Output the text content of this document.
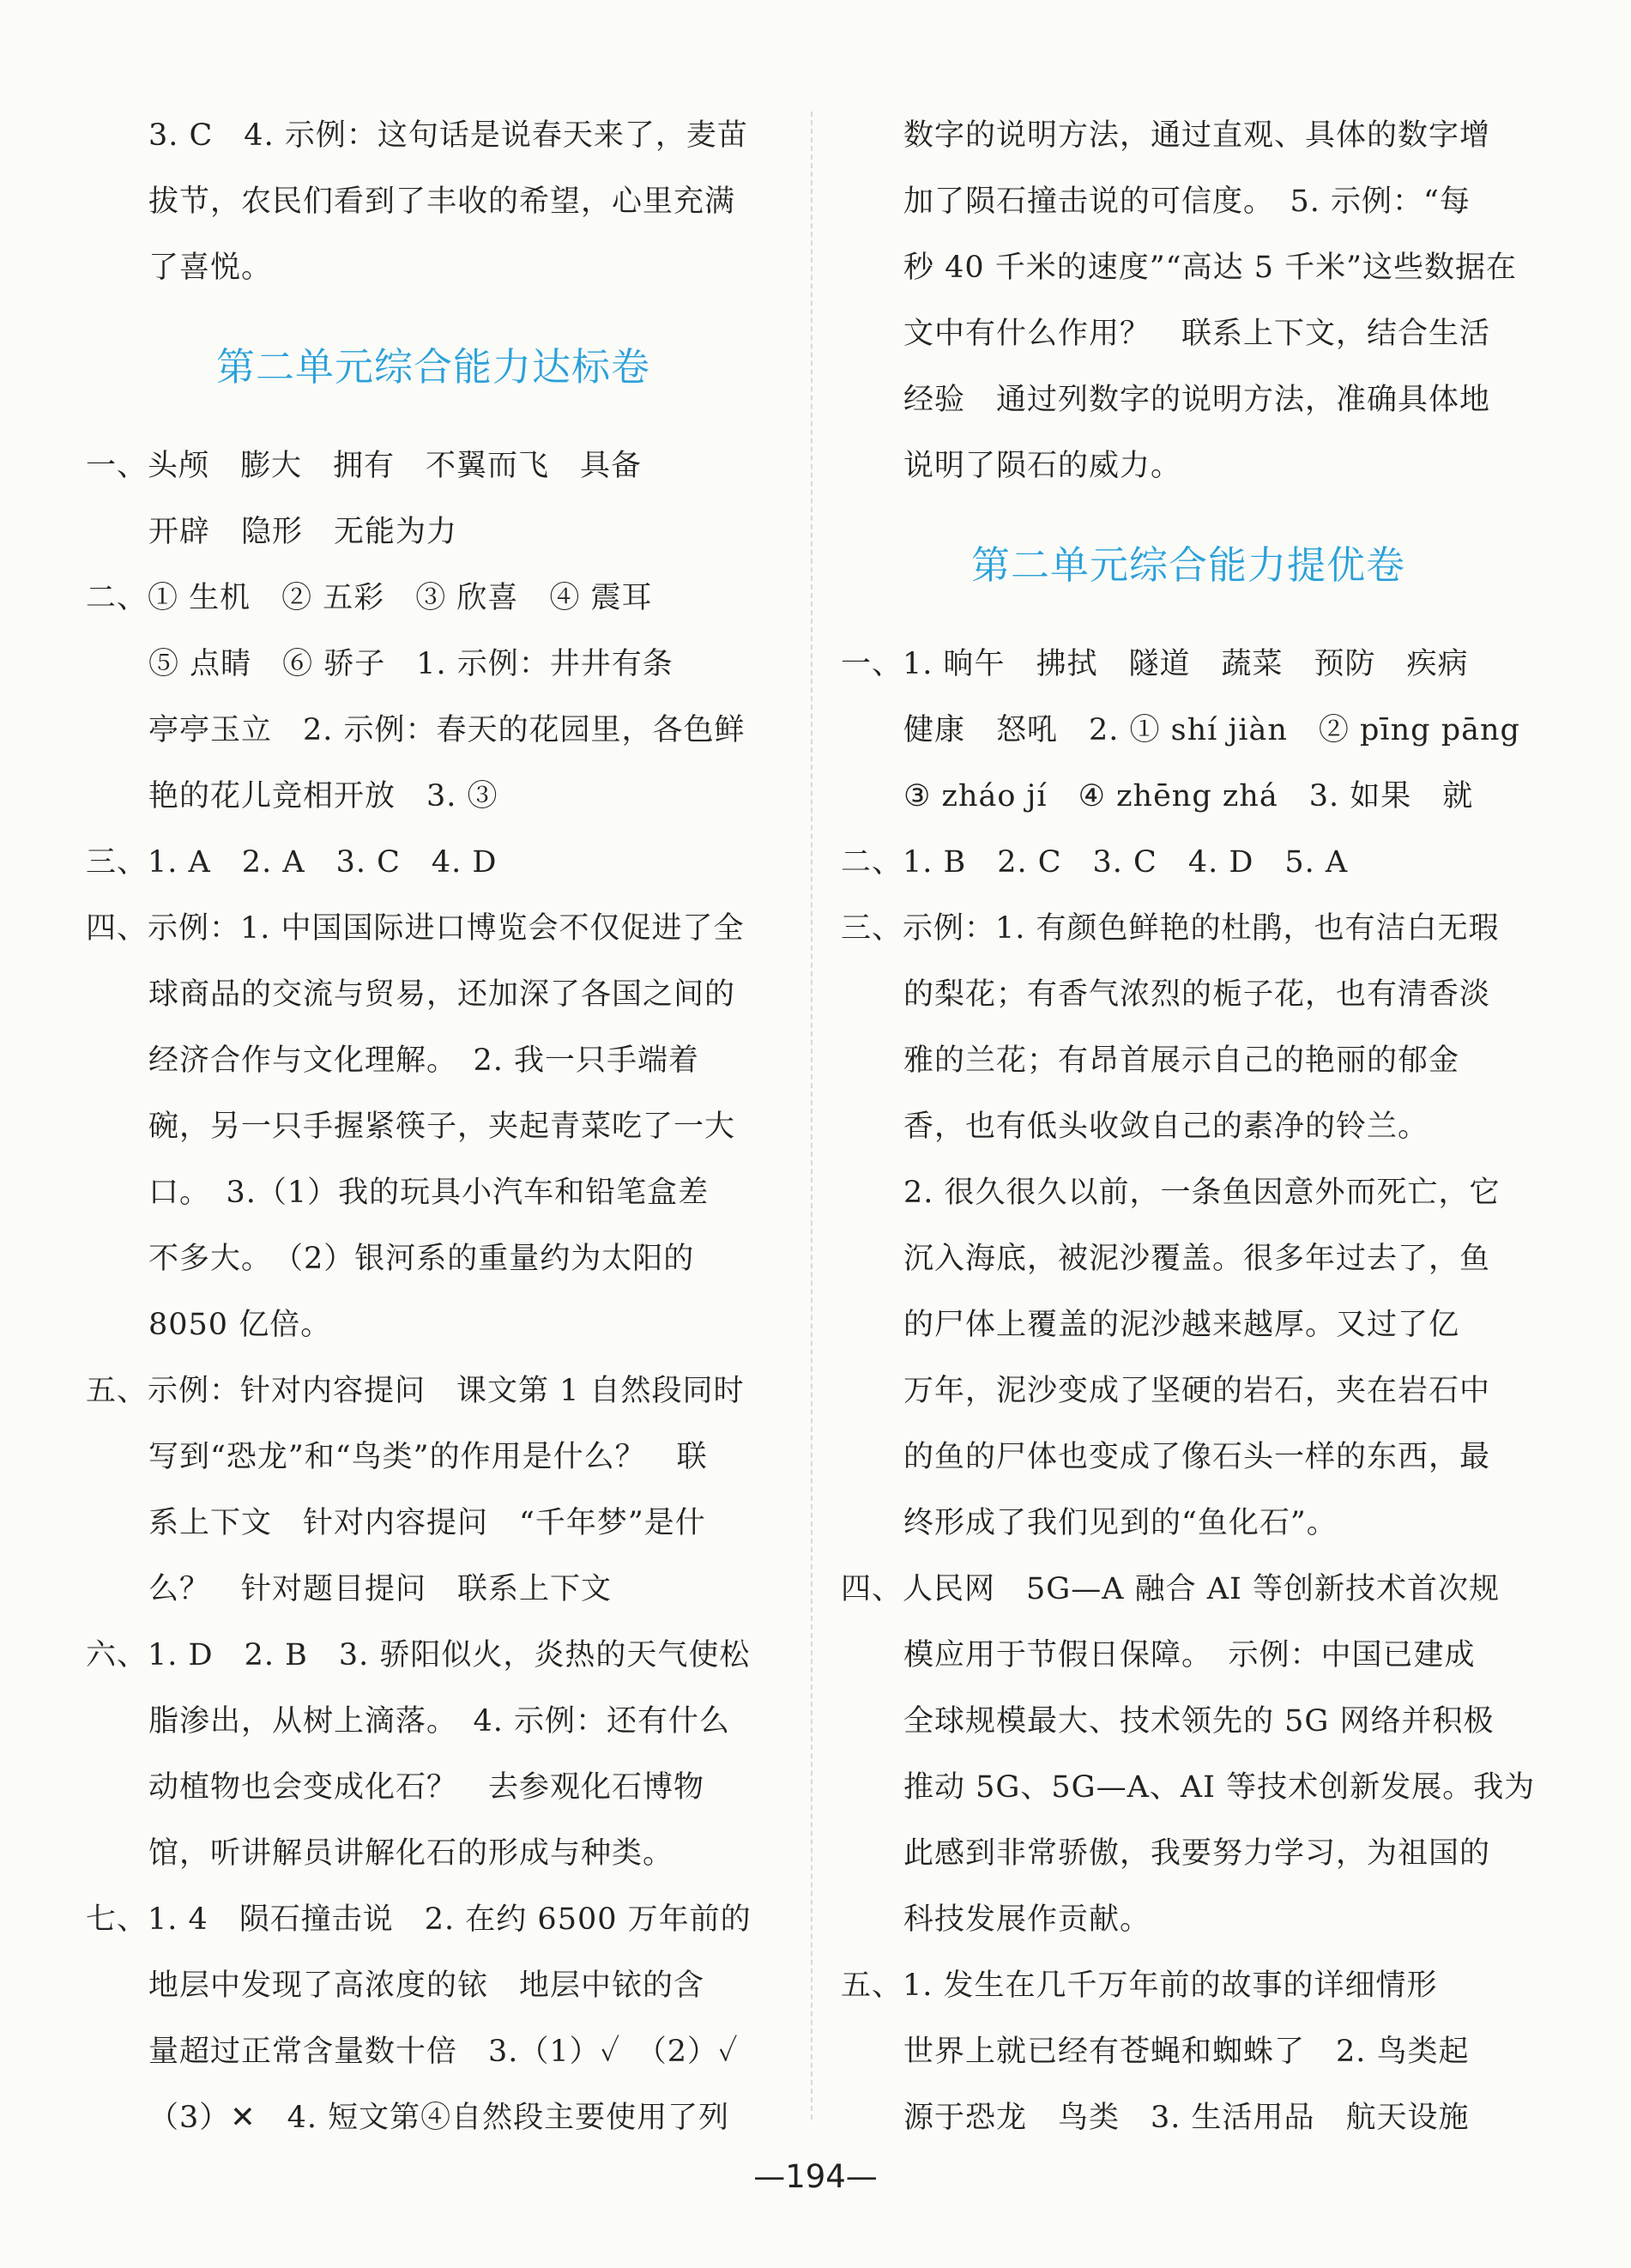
3. C　4. 示例：这句话是说春天来了，麦苗
拔节，农民们看到了丰收的希望，心里充满
了喜悦。
第二单元综合能力达标卷
一、头颅　膨大　拥有　不翼而飞　具备
开辟　隐形　无能为力
二、① 生机　② 五彩　③ 欣喜　④ 震耳
⑤ 点睛　⑥ 骄子　1. 示例：井井有条
亭亭玉立　2. 示例：春天的花园里，各色鲜
艳的花儿竞相开放　3. ③
三、1. A　2. A　3. C　4. D
四、示例：1. 中国国际进口博览会不仅促进了全
球商品的交流与贸易，还加深了各国之间的
经济合作与文化理解。　2. 我一只手端着
碗，另一只手握紧筷子，夹起青菜吃了一大
口。　3.（1）我的玩具小汽车和铅笔盒差
不多大。　（2）银河系的重量约为太阳的
8050 亿倍。
五、示例：针对内容提问　课文第 1 自然段同时
写到“恐龙”和“鸟类”的作用是什么？　联
系上下文　针对内容提问　“千年梦”是什
么？　针对题目提问　联系上下文
六、1. D　2. B　3. 骄阳似火，炎热的天气使松
脂渗出，从树上滴落。　4. 示例：还有什么
动植物也会变成化石？　去参观化石博物
馆，听讲解员讲解化石的形成与种类。
七、1. 4　陨石撞击说　2. 在约 6500 万年前的
地层中发现了高浓度的铱　地层中铱的含
量超过正常含量数十倍　3.（1）✓　（2）✓
（3）✕　4. 短文第④自然段主要使用了列
数字的说明方法，通过直观、具体的数字增
加了陨石撞击说的可信度。　5. 示例：“每
秒 40 千米的速度”“高达 5 千米”这些数据在
文中有什么作用？　联系上下文，结合生活
经验　通过列数字的说明方法，准确具体地
说明了陨石的威力。
第二单元综合能力提优卷
一、1. 晌午　拂拭　隧道　蔬菜　预防　疾病
健康　怒吼　2. ① shí jiàn　② pīng pāng
③ zháo jí　④ zhēng zhá　3. 如果　就
二、1. B　2. C　3. C　4. D　5. A
三、示例：1. 有颜色鲜艳的杜鹃，也有洁白无瑕
的梨花；有香气浓烈的栀子花，也有清香淡
雅的兰花；有昂首展示自己的艳丽的郁金
香，也有低头收敛自己的素净的铃兰。
2. 很久很久以前，一条鱼因意外而死亡，它
沉入海底，被泥沙覆盖。很多年过去了，鱼
的尸体上覆盖的泥沙越来越厚。又过了亿
万年，泥沙变成了坚硬的岩石，夹在岩石中
的鱼的尸体也变成了像石头一样的东西，最
终形成了我们见到的“鱼化石”。
四、人民网　5G—A 融合 AI 等创新技术首次规
模应用于节假日保障。　示例：中国已建成
全球规模最大、技术领先的 5G 网络并积极
推动 5G、5G—A、AI 等技术创新发展。我为
此感到非常骄傲，我要努力学习，为祖国的
科技发展作贡献。
五、1. 发生在几千万年前的故事的详细情形
世界上就已经有苍蝇和蜘蛛了　2. 鸟类起
源于恐龙　鸟类　3. 生活用品　航天设施
—194—
